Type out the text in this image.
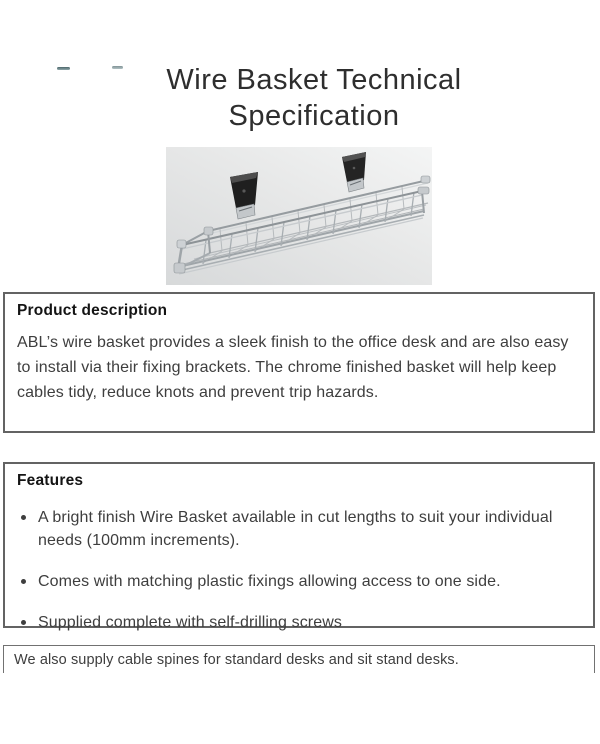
Wire Basket Technical
Specification
Product description

ABL’s wire basket provides a sleek finish to the office desk and are also easy to install via their fixing brackets. The chrome finished basket will help keep cables tidy, reduce knots and prevent trip hazards.

Features
A bright finish Wire Basket available in cut lengths to suit your individual needs (100mm increments).
Comes with matching plastic fixings allowing access to one side.
Supplied complete with self-drilling screws

We also supply cable spines for standard desks and sit stand desks.
